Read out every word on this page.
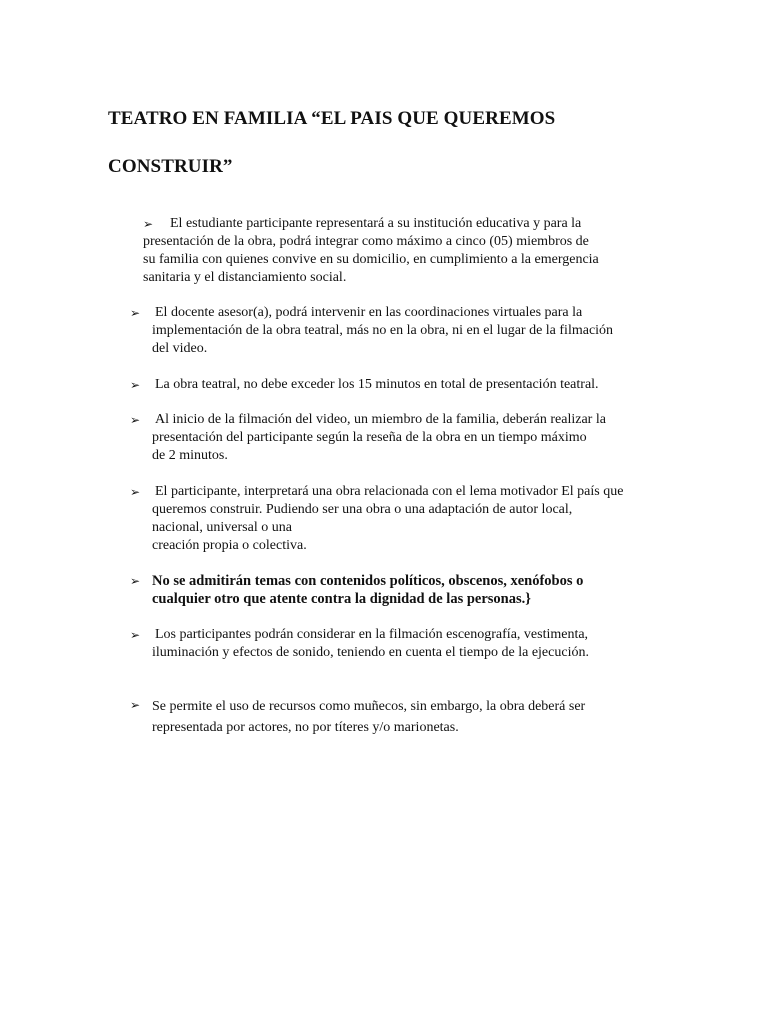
TEATRO EN FAMILIA “EL PAIS QUE QUEREMOS
CONSTRUIR”
➢	El estudiante participante representará a su institución educativa y para la
presentación de la obra, podrá integrar como máximo a cinco (05) miembros de
su familia con quienes convive en su domicilio, en cumplimiento a la emergencia
sanitaria y el distanciamiento social.
➢ El docente asesor(a), podrá intervenir en las coordinaciones virtuales para la
implementación de la obra teatral, más no en la obra, ni en el lugar de la filmación
del video.
➢ La obra teatral, no debe exceder los 15 minutos en total de presentación teatral.
➢ Al inicio de la filmación del video, un miembro de la familia, deberán realizar la
presentación del participante según la reseña de la obra en un tiempo máximo
de 2 minutos.
➢ El participante, interpretará una obra relacionada con el lema motivador El país que
queremos construir. Pudiendo ser una obra o una adaptación de autor local,
nacional, universal o una
creación propia o colectiva.
➢ No se admitirán temas con contenidos políticos, obscenos, xenófobos o
cualquier otro que atente contra la dignidad de las personas.}
➢ Los participantes podrán considerar en la filmación escenografía, vestimenta,
iluminación y efectos de sonido, teniendo en cuenta el tiempo de la ejecución.
➢ Se permite el uso de recursos como muñecos, sin embargo, la obra deberá ser
representada por actores, no por títeres y/o marionetas.
